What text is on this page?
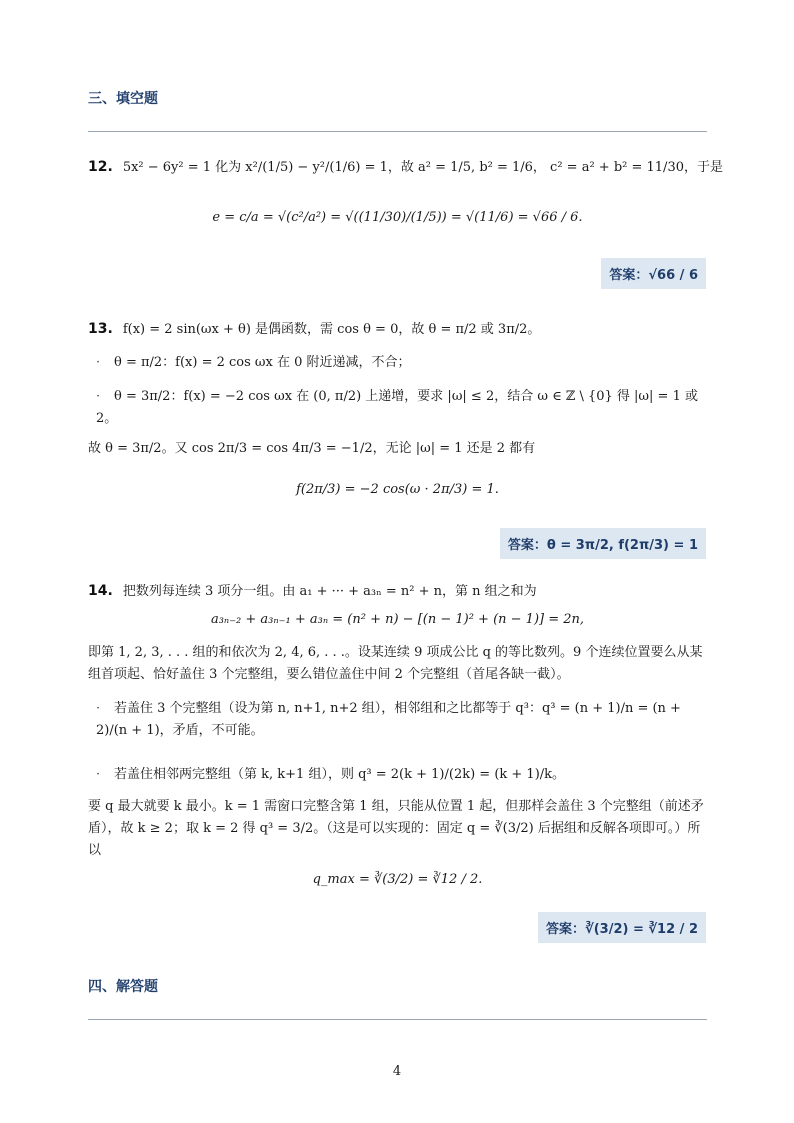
三、填空题
12. 5x² − 6y² = 1 化为 x²/(1/5) − y²/(1/6) = 1，故 a² = 1/5, b² = 1/6， c² = a² + b² = 11/30，于是
e = c/a = √(c²/a²) = √((11/30)/(1/5)) = √(11/6) = √66 / 6.
答案：√66 / 6
13. f(x) = 2 sin(ωx + θ) 是偶函数，需 cos θ = 0，故 θ = π/2 或 3π/2。
· θ = π/2：f(x) = 2 cos ωx 在 0 附近递减，不合；
· θ = 3π/2：f(x) = −2 cos ωx 在 (0, π/2) 上递增，要求 |ω| ≤ 2，结合 ω ∈ ℤ \ {0} 得 |ω| = 1 或 2。
故 θ = 3π/2。又 cos 2π/3 = cos 4π/3 = −1/2，无论 |ω| = 1 还是 2 都有
f(2π/3) = −2 cos(ω · 2π/3) = 1.
答案：θ = 3π/2, f(2π/3) = 1
14. 把数列每连续 3 项分一组。由 a₁ + ··· + a₃ₙ = n² + n，第 n 组之和为
a₃ₙ₋₂ + a₃ₙ₋₁ + a₃ₙ = (n² + n) − [(n − 1)² + (n − 1)] = 2n,
即第 1, 2, 3, . . . 组的和依次为 2, 4, 6, . . .。设某连续 9 项成公比 q 的等比数列。9 个连续位置要么从某组首项起、恰好盖住 3 个完整组，要么错位盖住中间 2 个完整组（首尾各缺一截）。
· 若盖住 3 个完整组（设为第 n, n+1, n+2 组），相邻组和之比都等于 q³：q³ = (n + 1)/n = (n + 2)/(n + 1)，矛盾，不可能。
· 若盖住相邻两完整组（第 k, k+1 组），则 q³ = 2(k + 1)/(2k) = (k + 1)/k。
要 q 最大就要 k 最小。k = 1 需窗口完整含第 1 组，只能从位置 1 起，但那样会盖住 3 个完整组（前述矛盾），故 k ≥ 2；取 k = 2 得 q³ = 3/2。（这是可以实现的：固定 q = ∛(3/2) 后据组和反解各项即可。）所以
q_max = ∛(3/2) = ∛12 / 2.
答案：∛(3/2) = ∛12 / 2
四、解答题
4
